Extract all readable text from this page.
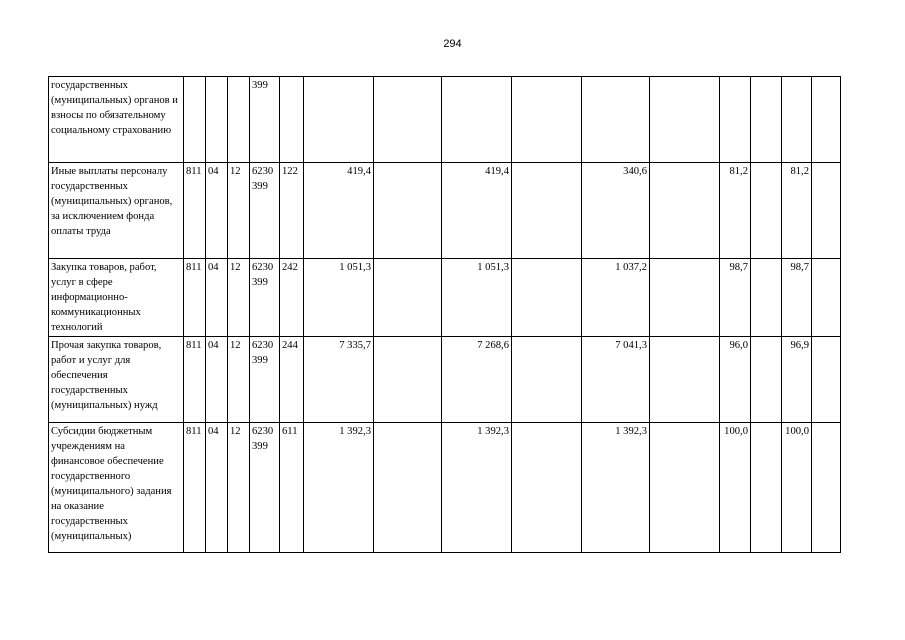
294
государственных (муниципальных) органов и взносы по обязательному социальному страхованию				399											
Иные выплаты персоналу государственных (муниципальных) органов, за исключением фонда оплаты труда	811	04	12	6230 399	122	419,4		419,4		340,6		81,2		81,2	
Закупка товаров, работ, услуг в сфере информационно-коммуникационных технологий	811	04	12	6230 399	242	1 051,3		1 051,3		1 037,2		98,7		98,7	
Прочая закупка товаров, работ и услуг для обеспечения государственных (муниципальных) нужд	811	04	12	6230 399	244	7 335,7		7 268,6		7 041,3		96,0		96,9	
Субсидии бюджетным учреждениям на финансовое обеспечение государственного (муниципального) задания на оказание государственных (муниципальных)	811	04	12	6230 399	611	1 392,3		1 392,3		1 392,3		100,0		100,0	
